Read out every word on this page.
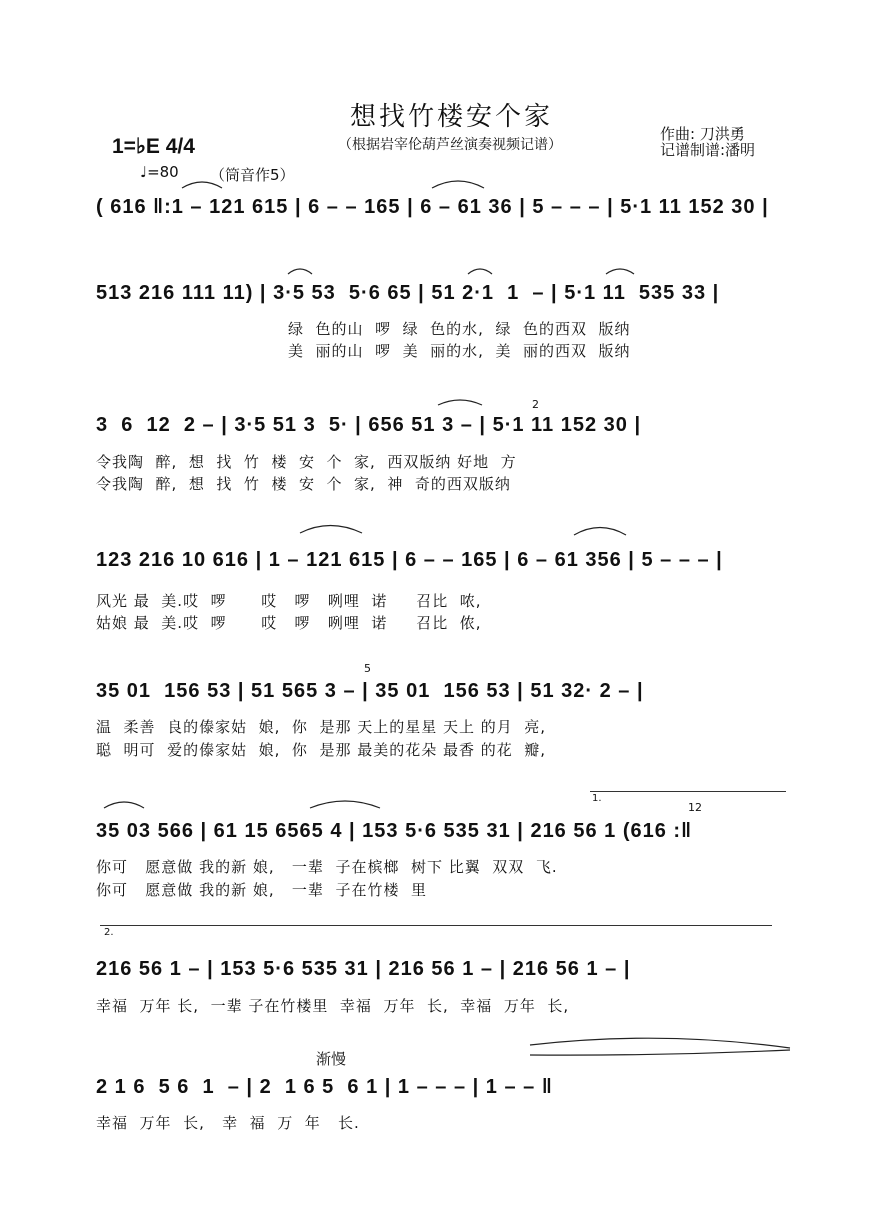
想找竹楼安个家
（根据岩宰伦葫芦丝演奏视频记谱）
作曲: 刀洪勇
记谱制谱:潘明
1=♭E 4/4
♩=80 （筒音作5）
( 616 ‖:1 – 121 615 | 6 – – 165 | 6 – 61 36 | 5 – – – | 5·1 11 152 30 |
513 216 111 11) | 3·5 53  5·6 65 | 51 2·1  1  – | 5·1 11  535 33 |
绿  色的山  啰  绿  色的水,  绿  色的西双  版纳
美  丽的山  啰  美  丽的水,  美  丽的西双  版纳
3  6  12  2 – | 3·5 51 3  5· | 656 51 3 – | 5·1 11 152 30 |
令我陶  醉,  想  找  竹  楼  安  个  家,  西双版纳 好地  方
令我陶  醉,  想  找  竹  楼  安  个  家,  神  奇的西双版纳
123 216 10 616 | 1 – 121 615 | 6 – – 165 | 6 – 61 356 | 5 – – – |
风光 最  美.哎  啰      哎   啰   咧哩  诺     召比  哝,
姑娘 最  美.哎  啰      哎   啰   咧哩  诺     召比  侬,
35 01  156 53 | 51 565 3 – | 35 01  156 53 | 51 32· 2 – |
温  柔善  良的傣家姑  娘,  你  是那 天上的星星 天上 的月  亮,
聪  明可  爱的傣家姑  娘,  你  是那 最美的花朵 最香 的花  瓣,
1.
35 03 566 | 61 15 6565 4 | 153 5·6 535 31 | 216 56 1 (616 :‖
你可   愿意做 我的新 娘,   一辈  子在槟榔  树下 比翼  双双  飞.
你可   愿意做 我的新 娘,   一辈  子在竹楼  里
2.
216 56 1 – | 153 5·6 535 31 | 216 56 1 – | 216 56 1 – |
幸福  万年 长,  一辈 子在竹楼里  幸福  万年  长,  幸福  万年  长,
渐慢
2 1 6  5 6  1  – | 2  1 6 5  6 1 | 1 – – – | 1 – – ‖
幸福  万年  长,   幸  福  万  年   长.
2
5
12
